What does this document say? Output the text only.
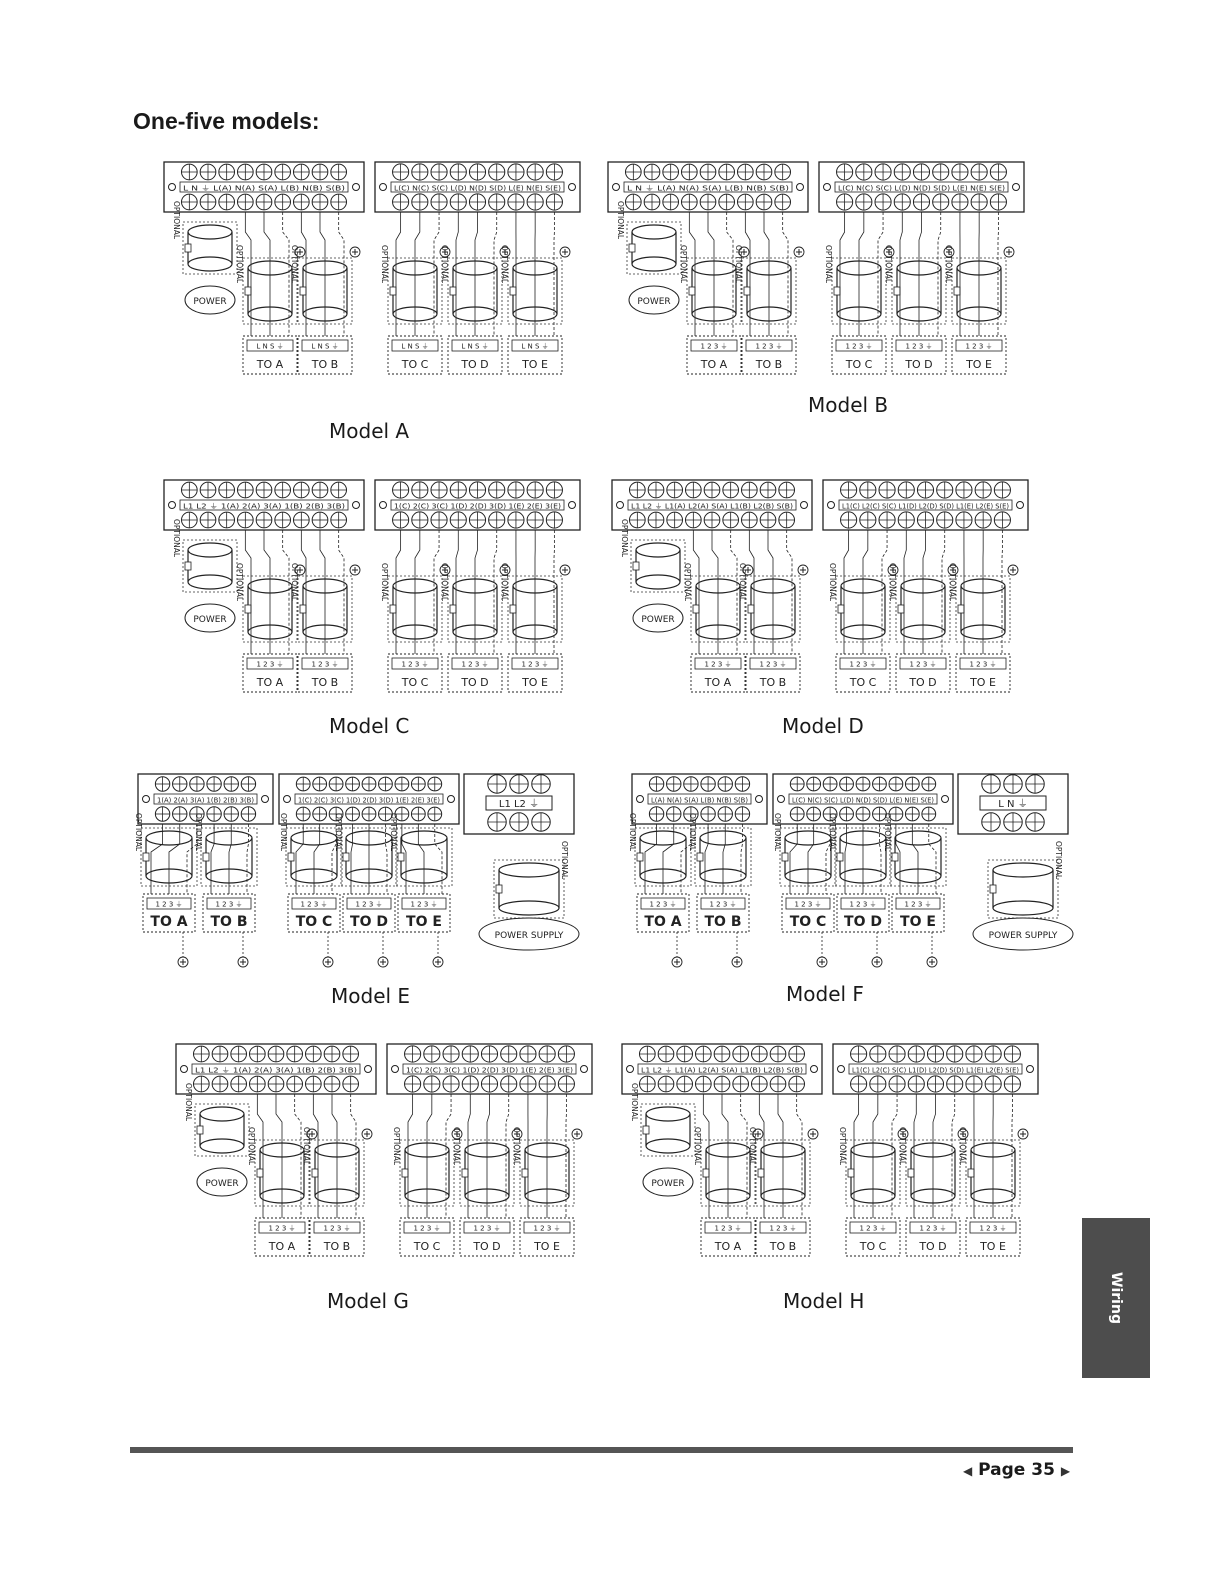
One-five models:
L N ⏚ L(A) N(A) S(A) L(B) N(B) S(B)	L(C) N(C) S(C) L(D) N(D) S(D) L(E) N(E) S(E)
OPTIONAL
POWER
OPTIONAL
L N S ⏚
TO A
OPTIONAL
L N S ⏚
TO B
OPTIONAL
L N S ⏚
TO C
OPTIONAL
L N S ⏚
TO D
OPTIONAL
L N S ⏚
TO E
L N ⏚ L(A) N(A) S(A) L(B) N(B) S(B)	L(C) N(C) S(C) L(D) N(D) S(D) L(E) N(E) S(E)
OPTIONAL
POWER
OPTIONAL
1 2 3 ⏚
TO A
OPTIONAL
1 2 3 ⏚
TO B
OPTIONAL
1 2 3 ⏚
TO C
OPTIONAL
1 2 3 ⏚
TO D
OPTIONAL
1 2 3 ⏚
TO E
L1 L2 ⏚ 1(A) 2(A) 3(A) 1(B) 2(B) 3(B)	1(C) 2(C) 3(C) 1(D) 2(D) 3(D) 1(E) 2(E) 3(E)
OPTIONAL
POWER
OPTIONAL
1 2 3 ⏚
TO A
OPTIONAL
1 2 3 ⏚
TO B
OPTIONAL
1 2 3 ⏚
TO C
OPTIONAL
1 2 3 ⏚
TO D
OPTIONAL
1 2 3 ⏚
TO E
L1 L2 ⏚ L1(A) L2(A) S(A) L1(B) L2(B) S(B)	L1(C) L2(C) S(C) L1(D) L2(D) S(D) L1(E) L2(E) S(E)
OPTIONAL
POWER
OPTIONAL
1 2 3 ⏚
TO A
OPTIONAL
1 2 3 ⏚
TO B
OPTIONAL
1 2 3 ⏚
TO C
OPTIONAL
1 2 3 ⏚
TO D
OPTIONAL
1 2 3 ⏚
TO E
1(A) 2(A) 3(A) 1(B) 2(B) 3(B)	1(C) 2(C) 3(C) 1(D) 2(D) 3(D) 1(E) 2(E) 3(E)	L1 L2 ⏚
OPTIONAL
POWER SUPPLY
OPTIONAL
1 2 3 ⏚
TO A
OPTIONAL
1 2 3 ⏚
TO B
OPTIONAL
1 2 3 ⏚
TO C
OPTIONAL
1 2 3 ⏚
TO D
OPTIONAL
1 2 3 ⏚
TO E
L(A) N(A) S(A) L(B) N(B) S(B)	L(C) N(C) S(C) L(D) N(D) S(D) L(E) N(E) S(E)	L N ⏚
OPTIONAL
POWER SUPPLY
OPTIONAL
1 2 3 ⏚
TO A
OPTIONAL
1 2 3 ⏚
TO B
OPTIONAL
1 2 3 ⏚
TO C
OPTIONAL
1 2 3 ⏚
TO D
OPTIONAL
1 2 3 ⏚
TO E
L1 L2 ⏚ 1(A) 2(A) 3(A) 1(B) 2(B) 3(B)	1(C) 2(C) 3(C) 1(D) 2(D) 3(D) 1(E) 2(E) 3(E)
OPTIONAL
POWER
OPTIONAL
1 2 3 ⏚
TO A
OPTIONAL
1 2 3 ⏚
TO B
OPTIONAL
1 2 3 ⏚
TO C
OPTIONAL
1 2 3 ⏚
TO D
OPTIONAL
1 2 3 ⏚
TO E
L1 L2 ⏚ L1(A) L2(A) S(A) L1(B) L2(B) S(B)	L1(C) L2(C) S(C) L1(D) L2(D) S(D) L1(E) L2(E) S(E)
OPTIONAL
POWER
OPTIONAL
1 2 3 ⏚
TO A
OPTIONAL
1 2 3 ⏚
TO B
OPTIONAL
1 2 3 ⏚
TO C
OPTIONAL
1 2 3 ⏚
TO D
OPTIONAL
1 2 3 ⏚
TO E
Model A
Model B
Model C	Model D
Model E	Model F
Model G	Model H	Wiring
◀ Page 35 ▶
